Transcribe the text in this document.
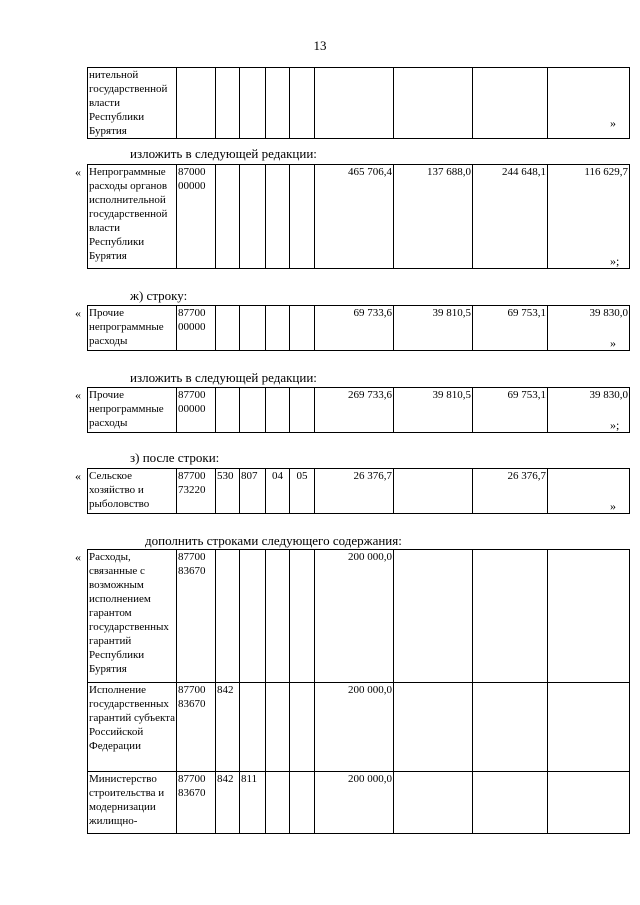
13
нительной государственной власти Республики Бурятия									
»
изложить в следующей редакции:
« Непрограммные расходы органов исполнительной государственной власти Республики Бурятия	87000 00000					465 706,4	137 688,0	244 648,1	116 629,7
»;
ж) строку:
« Прочие непрограммные расходы	87700 00000					69 733,6	39 810,5	69 753,1	39 830,0
»
изложить в следующей редакции:
« Прочие непрограммные расходы	87700 00000					269 733,6	39 810,5	69 753,1	39 830,0
»;
з) после строки:
« Сельское хозяйство и рыболовство	87700 73220	530	807	04	05	26 376,7		26 376,7	
»
дополнить строками следующего содержания:
« Расходы, связанные с возможным исполнением гарантом государственных гарантий Республики Бурятия	87700 83670					200 000,0			
Исполнение государственных гарантий субъекта Российской Федерации	87700 83670	842				200 000,0			
Министерство строительства и модернизации жилищно-	87700 83670	842	811			200 000,0			
